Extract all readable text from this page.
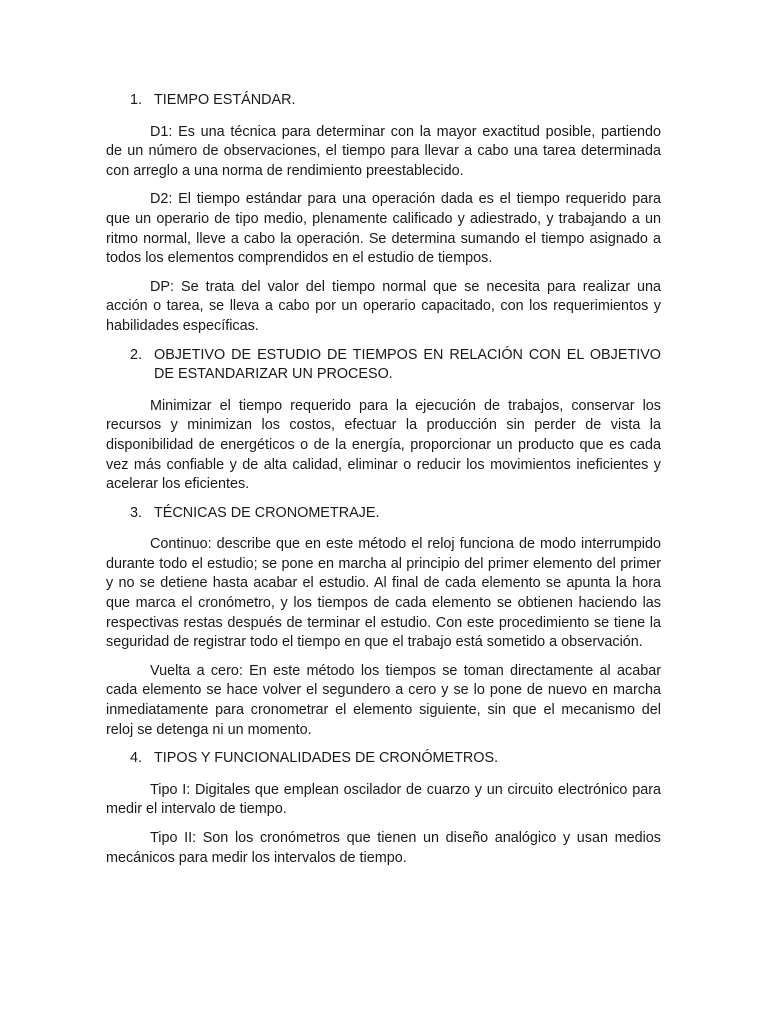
1. TIEMPO ESTÁNDAR.

D1: Es una técnica para determinar con la mayor exactitud posible, partiendo de un número de observaciones, el tiempo para llevar a cabo una tarea determinada con arreglo a una norma de rendimiento preestablecido.

D2: El tiempo estándar para una operación dada es el tiempo requerido para que un operario de tipo medio, plenamente calificado y adiestrado, y trabajando a un ritmo normal, lleve a cabo la operación. Se determina sumando el tiempo asignado a todos los elementos comprendidos en el estudio de tiempos.

DP: Se trata del valor del tiempo normal que se necesita para realizar una acción o tarea, se lleva a cabo por un operario capacitado, con los requerimientos y habilidades específicas.

2. OBJETIVO DE ESTUDIO DE TIEMPOS EN RELACIÓN CON EL OBJETIVO DE ESTANDARIZAR UN PROCESO.

Minimizar el tiempo requerido para la ejecución de trabajos, conservar los recursos y minimizan los costos, efectuar la producción sin perder de vista la disponibilidad de energéticos o de la energía, proporcionar un producto que es cada vez más confiable y de alta calidad, eliminar o reducir los movimientos ineficientes y acelerar los eficientes.

3. TÉCNICAS DE CRONOMETRAJE.

Continuo: describe que en este método el reloj funciona de modo interrumpido durante todo el estudio; se pone en marcha al principio del primer elemento del primer y no se detiene hasta acabar el estudio. Al final de cada elemento se apunta la hora que marca el cronómetro, y los tiempos de cada elemento se obtienen haciendo las respectivas restas después de terminar el estudio. Con este procedimiento se tiene la seguridad de registrar todo el tiempo en que el trabajo está sometido a observación.

Vuelta a cero: En este método los tiempos se toman directamente al acabar cada elemento se hace volver el segundero a cero y se lo pone de nuevo en marcha inmediatamente para cronometrar el elemento siguiente, sin que el mecanismo del reloj se detenga ni un momento.

4. TIPOS Y FUNCIONALIDADES DE CRONÓMETROS.

Tipo I: Digitales que emplean oscilador de cuarzo y un circuito electrónico para medir el intervalo de tiempo.

Tipo II: Son los cronómetros que tienen un diseño analógico y usan medios mecánicos para medir los intervalos de tiempo.
